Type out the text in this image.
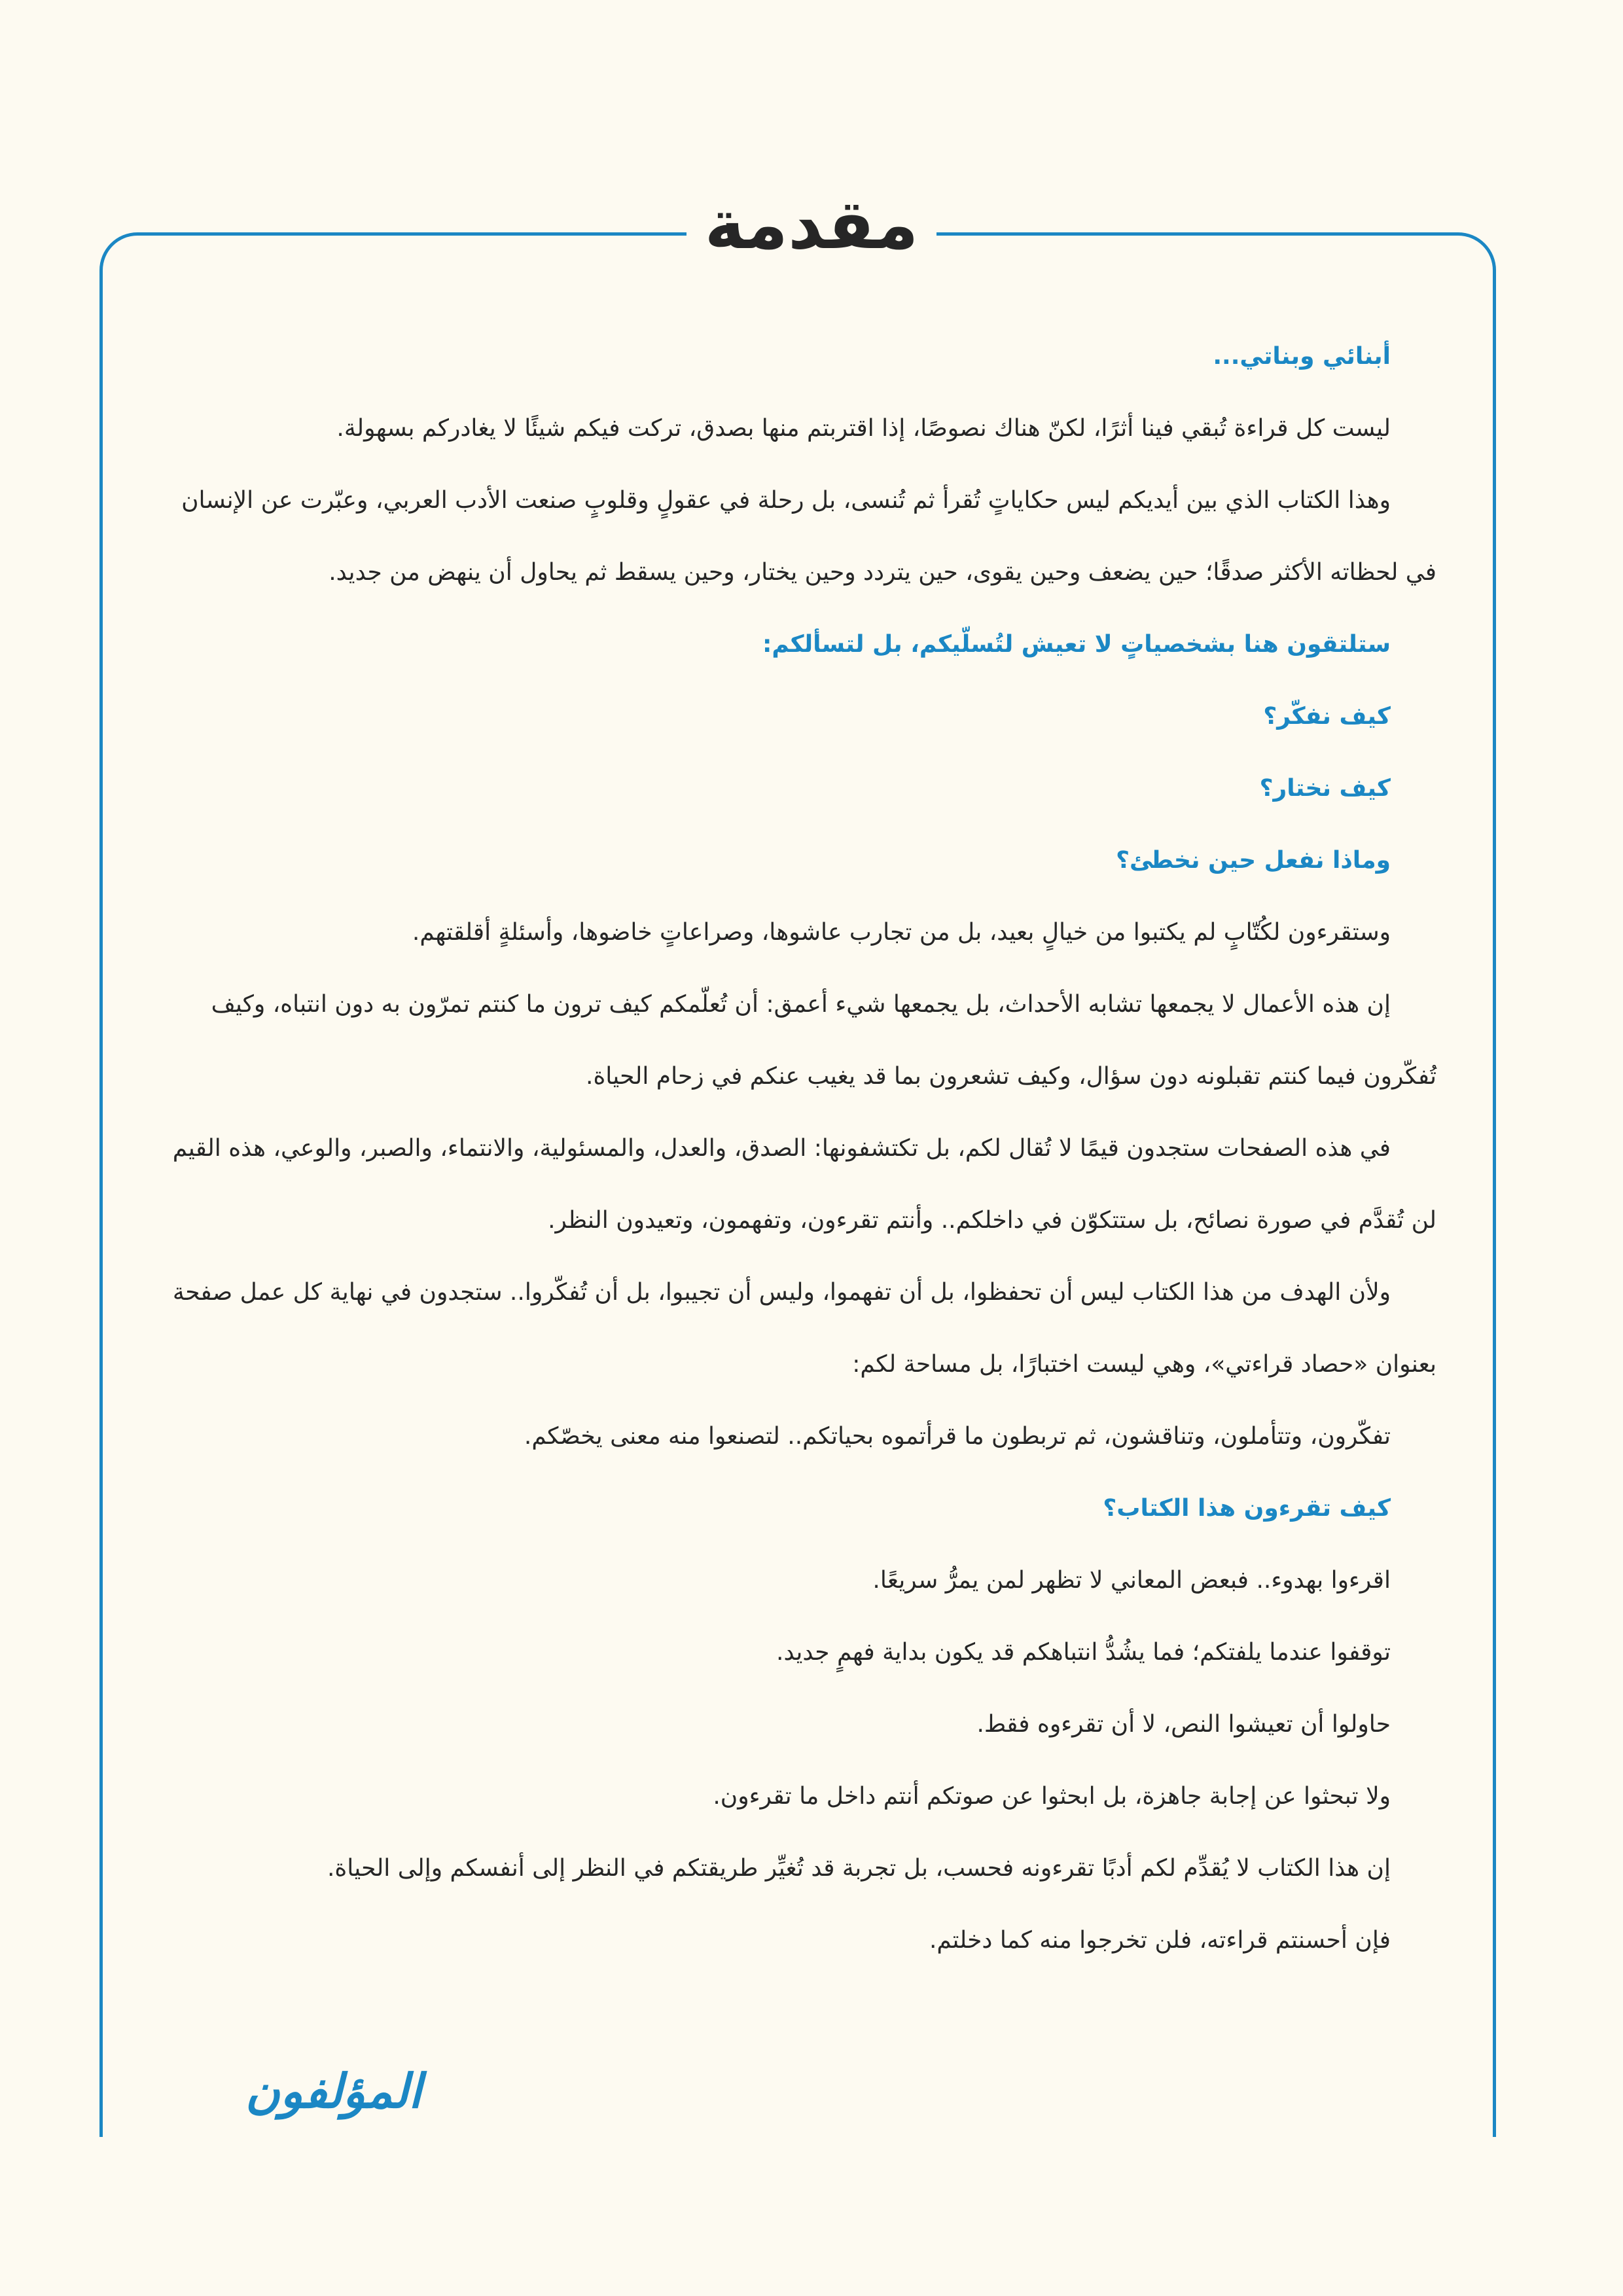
مقدمة

أبنائي وبناتي...

ليست كل قراءة تُبقي فينا أثرًا، لكنّ هناك نصوصًا، إذا اقتربتم منها بصدق، تركت فيكم شيئًا لا يغادركم بسهولة.

وهذا الكتاب الذي بين أيديكم ليس حكاياتٍ تُقرأ ثم تُنسى، بل رحلة في عقولٍ وقلوبٍ صنعت الأدب العربي، وعبّرت عن الإنسان في لحظاته الأكثر صدقًا؛ حين يضعف وحين يقوى، حين يتردد وحين يختار، وحين يسقط ثم يحاول أن ينهض من جديد.

ستلتقون هنا بشخصياتٍ لا تعيش لتُسلّيكم، بل لتسألكم:

كيف نفكّر؟

كيف نختار؟

وماذا نفعل حين نخطئ؟

وستقرءون لكُتّابٍ لم يكتبوا من خيالٍ بعيد، بل من تجارب عاشوها، وصراعاتٍ خاضوها، وأسئلةٍ أقلقتهم.

إن هذه الأعمال لا يجمعها تشابه الأحداث، بل يجمعها شيء أعمق: أن تُعلّمكم كيف ترون ما كنتم تمرّون به دون انتباه، وكيف تُفكّرون فيما كنتم تقبلونه دون سؤال، وكيف تشعرون بما قد يغيب عنكم في زحام الحياة.

في هذه الصفحات ستجدون قيمًا لا تُقال لكم، بل تكتشفونها: الصدق، والعدل، والمسئولية، والانتماء، والصبر، والوعي، هذه القيم لن تُقدَّم في صورة نصائح، بل ستتكوّن في داخلكم.. وأنتم تقرءون، وتفهمون، وتعيدون النظر.

ولأن الهدف من هذا الكتاب ليس أن تحفظوا، بل أن تفهموا، وليس أن تجيبوا، بل أن تُفكّروا.. ستجدون في نهاية كل عمل صفحة بعنوان «حصاد قراءتي»، وهي ليست اختبارًا، بل مساحة لكم:

تفكّرون، وتتأملون، وتناقشون، ثم تربطون ما قرأتموه بحياتكم.. لتصنعوا منه معنى يخصّكم.

كيف تقرءون هذا الكتاب؟

اقرءوا بهدوء.. فبعض المعاني لا تظهر لمن يمرُّ سريعًا.

توقفوا عندما يلفتكم؛ فما يشُدُّ انتباهكم قد يكون بداية فهمٍ جديد.

حاولوا أن تعيشوا النص، لا أن تقرءوه فقط.

ولا تبحثوا عن إجابة جاهزة، بل ابحثوا عن صوتكم أنتم داخل ما تقرءون.

إن هذا الكتاب لا يُقدِّم لكم أدبًا تقرءونه فحسب، بل تجربة قد تُغيِّر طريقتكم في النظر إلى أنفسكم وإلى الحياة.

فإن أحسنتم قراءته، فلن تخرجوا منه كما دخلتم.

المؤلفون
